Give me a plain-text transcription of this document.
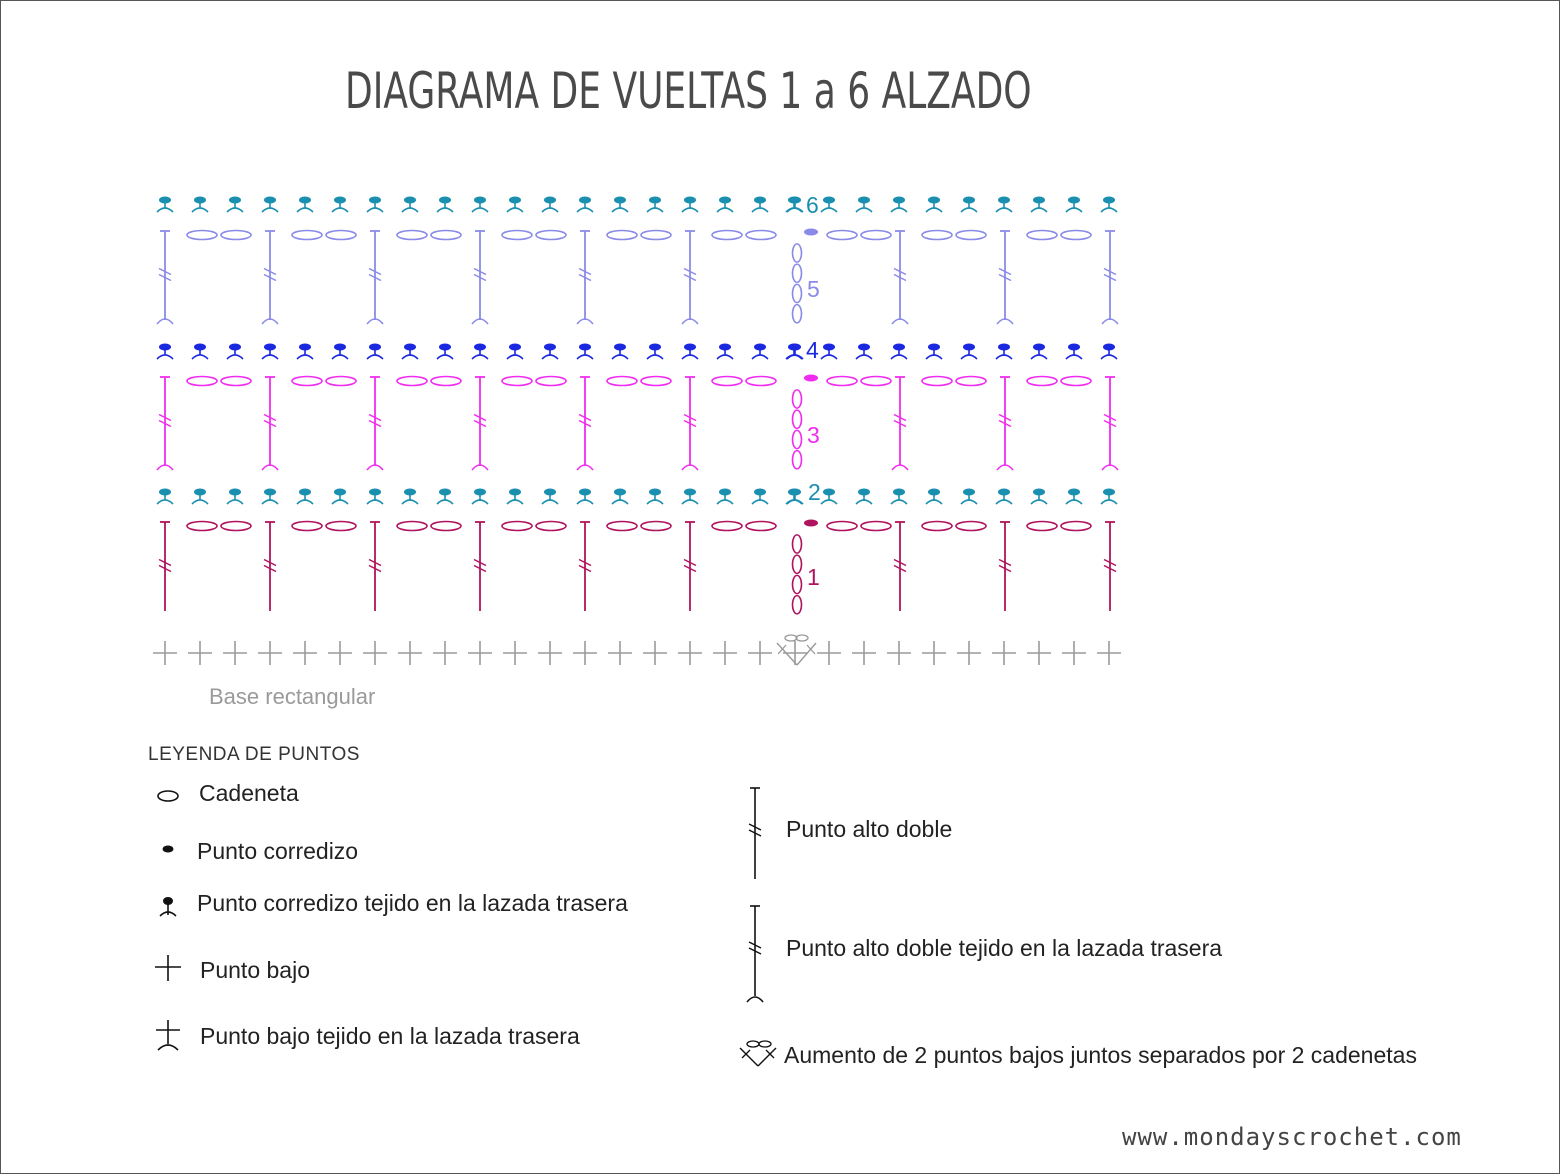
DIAGRAMA DE VUELTAS 1 a 6 ALZADO
1
2
3
4
5
6
Base rectangular
LEYENDA DE PUNTOS
Cadeneta
Punto corredizo
Punto corredizo tejido en la lazada trasera
Punto bajo
Punto bajo tejido en la lazada trasera
Punto alto doble
Punto alto doble tejido en la lazada trasera
Aumento de 2 puntos bajos juntos separados por 2 cadenetas
www.mondayscrochet.com
